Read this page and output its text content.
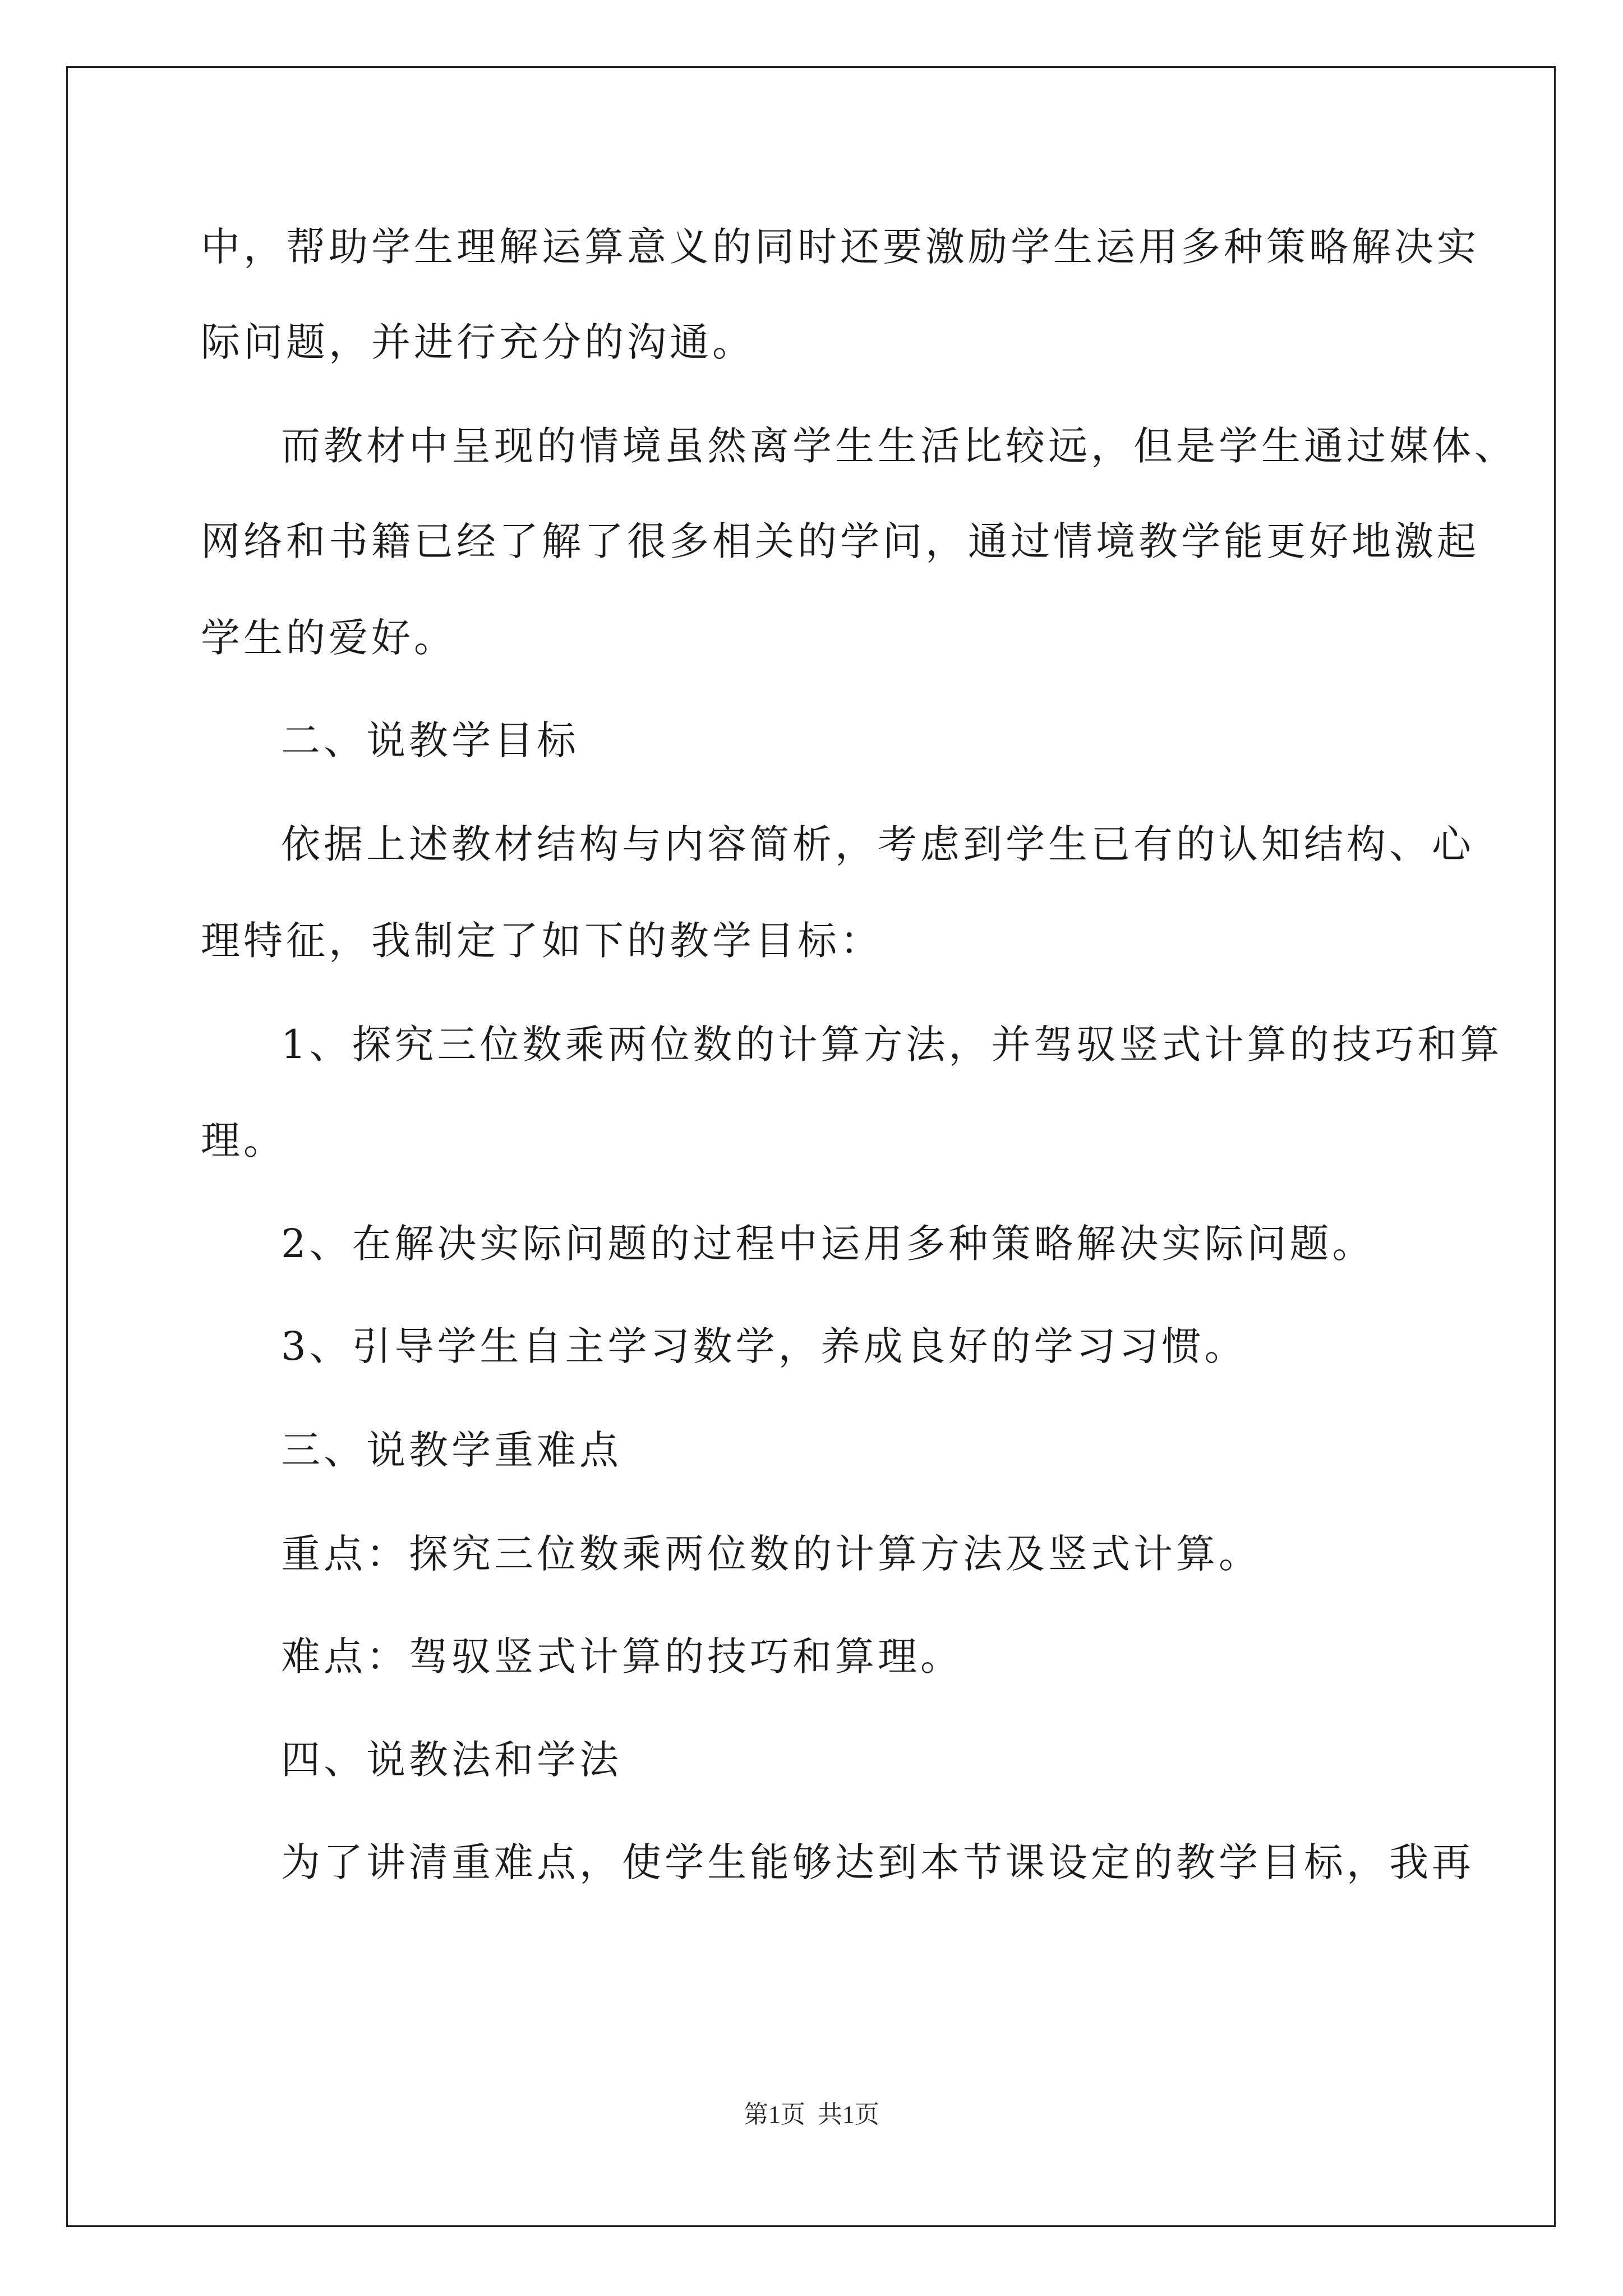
中，帮助学生理解运算意义的同时还要激励学生运用多种策略解决实
际问题，并进行充分的沟通。
而教材中呈现的情境虽然离学生生活比较远，但是学生通过媒体、
网络和书籍已经了解了很多相关的学问，通过情境教学能更好地激起
学生的爱好。
二、说教学目标
依据上述教材结构与内容简析，考虑到学生已有的认知结构、心
理特征，我制定了如下的教学目标：
1、探究三位数乘两位数的计算方法，并驾驭竖式计算的技巧和算
理。
2、在解决实际问题的过程中运用多种策略解决实际问题。
3、引导学生自主学习数学，养成良好的学习习惯。
三、说教学重难点
重点：探究三位数乘两位数的计算方法及竖式计算。
难点：驾驭竖式计算的技巧和算理。
四、说教法和学法
为了讲清重难点，使学生能够达到本节课设定的教学目标，我再
第1页  共1页
